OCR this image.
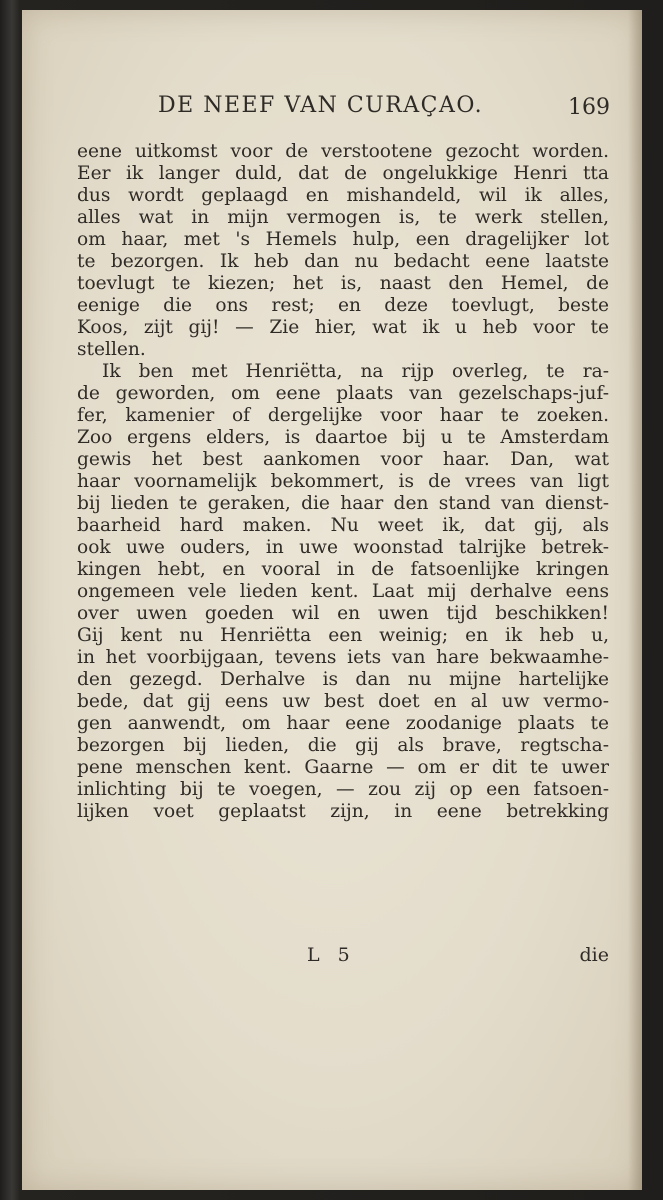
DE NEEF VAN CURAÇAO.	169
eene uitkomst voor de verstootene gezocht worden.
Eer ik langer duld, dat de ongelukkige Henri tta
dus wordt geplaagd en mishandeld, wil ik alles,
alles wat in mijn vermogen is, te werk stellen,
om haar, met 's Hemels hulp, een dragelijker lot
te bezorgen. Ik heb dan nu bedacht eene laatste
toevlugt te kiezen; het is, naast den Hemel, de
eenige die ons rest; en deze toevlugt, beste
Koos, zijt gij! — Zie hier, wat ik u heb voor te
stellen.
Ik ben met Henriëtta, na rijp overleg, te ra-
de geworden, om eene plaats van gezelschaps-juf-
fer, kamenier of dergelijke voor haar te zoeken.
Zoo ergens elders, is daartoe bij u te Amsterdam
gewis het best aankomen voor haar. Dan, wat
haar voornamelijk bekommert, is de vrees van ligt
bij lieden te geraken, die haar den stand van dienst-
baarheid hard maken. Nu weet ik, dat gij, als
ook uwe ouders, in uwe woonstad talrijke betrek-
kingen hebt, en vooral in de fatsoenlijke kringen
ongemeen vele lieden kent. Laat mij derhalve eens
over uwen goeden wil en uwen tijd beschikken!
Gij kent nu Henriëtta een weinig; en ik heb u,
in het voorbijgaan, tevens iets van hare bekwaamhe-
den gezegd. Derhalve is dan nu mijne hartelijke
bede, dat gij eens uw best doet en al uw vermo-
gen aanwendt, om haar eene zoodanige plaats te
bezorgen bij lieden, die gij als brave, regtscha-
pene menschen kent. Gaarne — om er dit te uwer
inlichting bij te voegen, — zou zij op een fatsoen-
lijken voet geplaatst zijn, in eene betrekking
L 5	die
